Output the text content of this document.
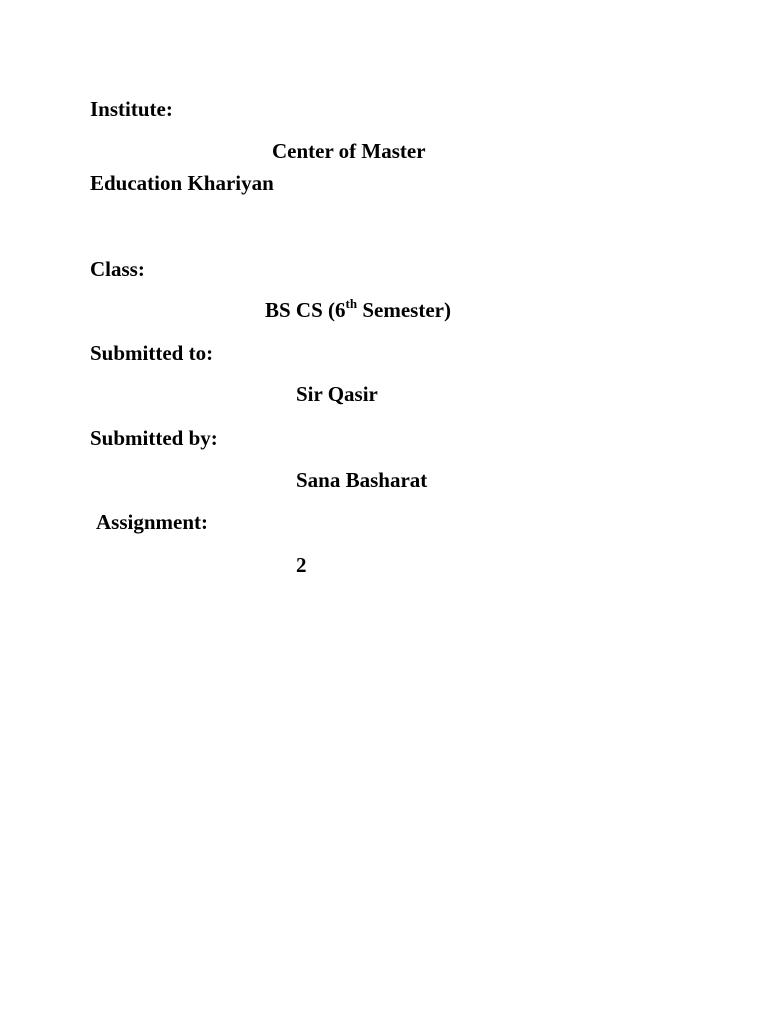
Institute:
Center of Master
Education Khariyan
Class:
BS CS (6th Semester)
Submitted to:
Sir Qasir
Submitted by:
Sana Basharat
Assignment:
2
